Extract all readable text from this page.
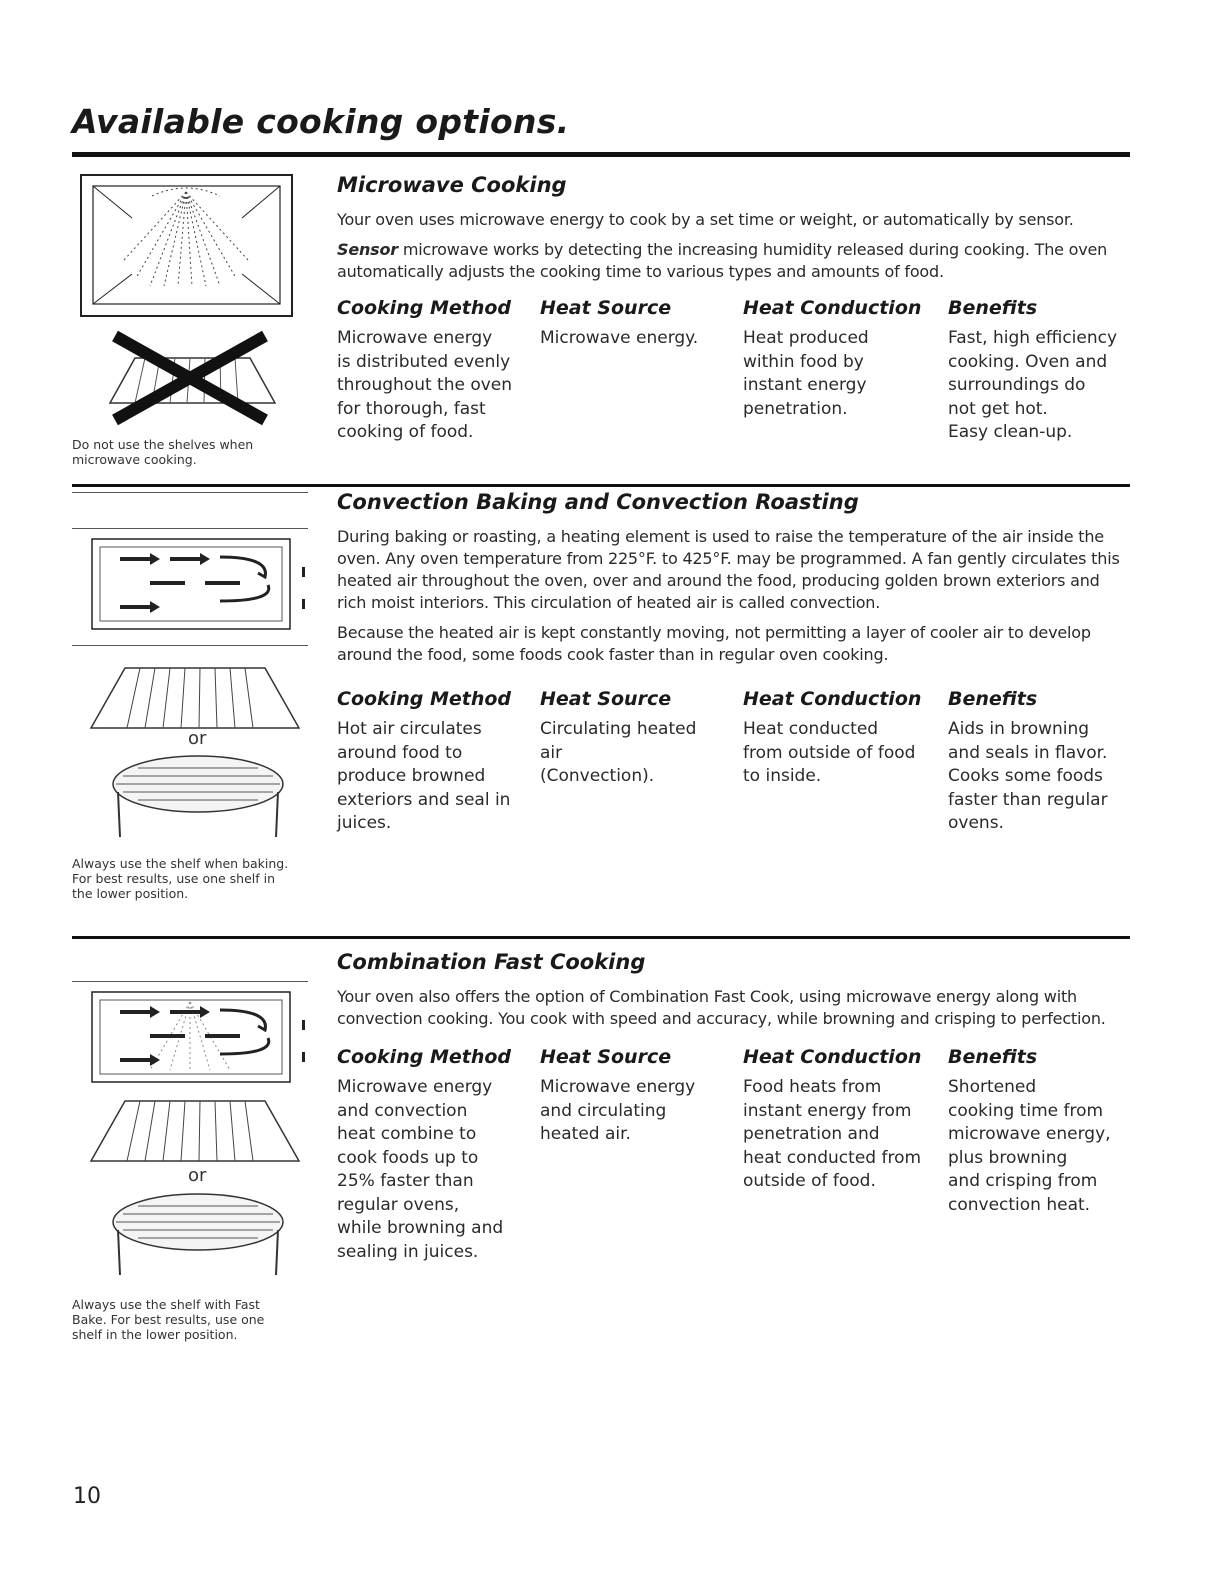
Available cooking options.
Do not use the shelves when
microwave cooking.
Microwave Cooking

Your oven uses microwave energy to cook by a set time or weight, or automatically by sensor.

Sensor microwave works by detecting the increasing humidity released during cooking. The oven automatically adjusts the cooking time to various types and amounts of food.

Cooking Method
Microwave energy
is distributed evenly
throughout the oven
for thorough, fast
cooking of food.
Heat Source
Microwave energy.
Heat Conduction
Heat produced
within food by
instant energy
penetration.
Benefits
Fast, high efficiency
cooking. Oven and
surroundings do
not get hot.
Easy clean-up.
or
Always use the shelf when baking.
For best results, use one shelf in
the lower position.
Convection Baking and Convection Roasting

During baking or roasting, a heating element is used to raise the temperature of the air inside the oven. Any oven temperature from 225°F. to 425°F. may be programmed. A fan gently circulates this heated air throughout the oven, over and around the food, producing golden brown exteriors and rich moist interiors. This circulation of heated air is called convection.

Because the heated air is kept constantly moving, not permitting a layer of cooler air to develop around the food, some foods cook faster than in regular oven cooking.

Cooking Method
Hot air circulates
around food to
produce browned
exteriors and seal in
juices.
Heat Source
Circulating heated
air
(Convection).
Heat Conduction
Heat conducted
from outside of food
to inside.
Benefits
Aids in browning
and seals in flavor.
Cooks some foods
faster than regular
ovens.
or
Always use the shelf with Fast
Bake. For best results, use one
shelf in the lower position.
Combination Fast Cooking

Your oven also offers the option of Combination Fast Cook, using microwave energy along with convection cooking. You cook with speed and accuracy, while browning and crisping to perfection.

Cooking Method
Microwave energy
and convection
heat combine to
cook foods up to
25% faster than
regular ovens,
while browning and
sealing in juices.
Heat Source
Microwave energy
and circulating
heated air.
Heat Conduction
Food heats from
instant energy from
penetration and
heat conducted from
outside of food.
Benefits
Shortened
cooking time from
microwave energy,
plus browning
and crisping from
convection heat.
10
